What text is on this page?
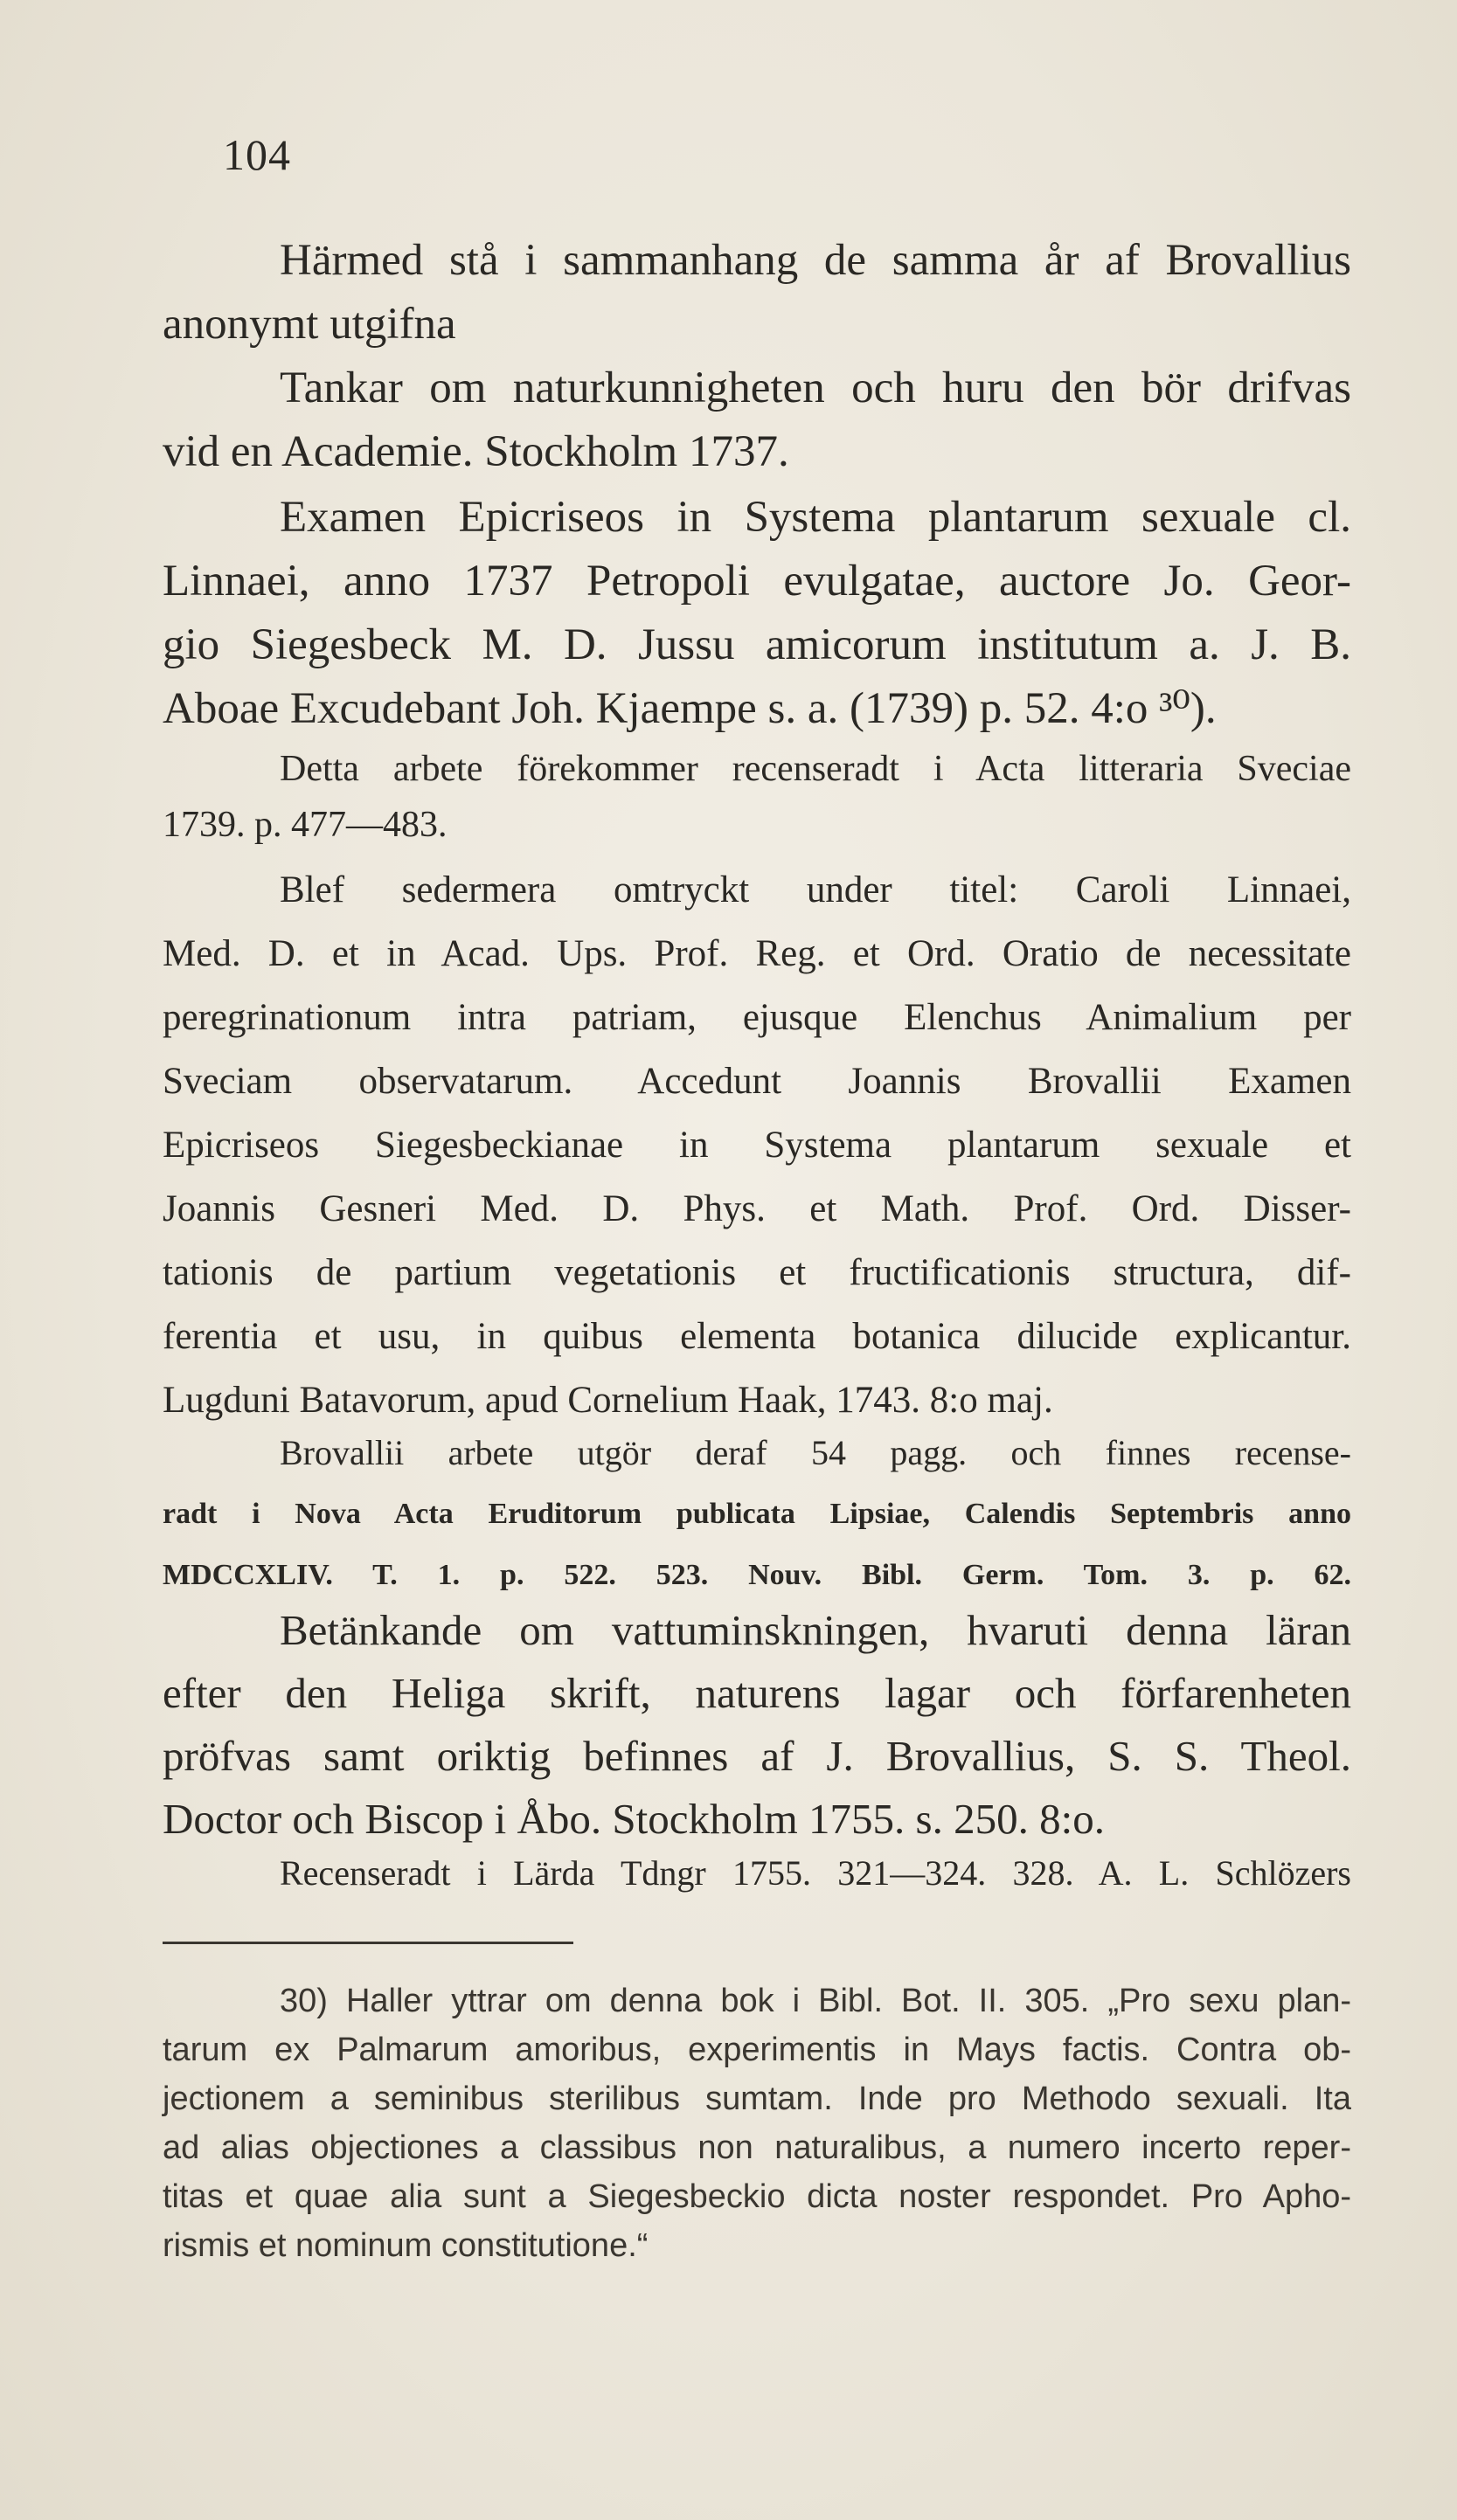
104

Härmed stå i sammanhang de samma år af Brovallius
anonymt utgifna

Tankar om naturkunnigheten och huru den bör drifvas
vid en Academie. Stockholm 1737.

Examen Epicriseos in Systema plantarum sexuale cl.
Linnaei, anno 1737 Petropoli evulgatae, auctore Jo. Geor-
gio Siegesbeck M. D. Jussu amicorum institutum a. J. B.
Aboae Excudebant Joh. Kjaempe s. a. (1739) p. 52. 4:o ³⁰).

Detta arbete förekommer recenseradt i Acta litteraria Sveciae
1739. p. 477—483.

Blef sedermera omtryckt under titel: Caroli Linnaei,
Med. D. et in Acad. Ups. Prof. Reg. et Ord. Oratio de necessitate
peregrinationum intra patriam, ejusque Elenchus Animalium per
Sveciam observatarum. Accedunt Joannis Brovallii Examen
Epicriseos Siegesbeckianae in Systema plantarum sexuale et
Joannis Gesneri Med. D. Phys. et Math. Prof. Ord. Disser-
tationis de partium vegetationis et fructificationis structura, dif-
ferentia et usu, in quibus elementa botanica dilucide explicantur.
Lugduni Batavorum, apud Cornelium Haak, 1743. 8:o maj.

Brovallii arbete utgör deraf 54 pagg. och finnes recense-
radt i Nova Acta Eruditorum publicata Lipsiae, Calendis Septembris anno
MDCCXLIV. T. 1. p. 522. 523. Nouv. Bibl. Germ. Tom. 3. p. 62.

Betänkande om vattuminskningen, hvaruti denna läran
efter den Heliga skrift, naturens lagar och förfarenheten
pröfvas samt oriktig befinnes af J. Brovallius, S. S. Theol.
Doctor och Biscop i Åbo. Stockholm 1755. s. 250. 8:o.

Recenseradt i Lärda Tdngr 1755. 321—324. 328. A. L. Schlözers

30) Haller yttrar om denna bok i Bibl. Bot. II. 305. „Pro sexu plan-
tarum ex Palmarum amoribus, experimentis in Mays factis. Contra ob-
jectionem a seminibus sterilibus sumtam. Inde pro Methodo sexuali. Ita
ad alias objectiones a classibus non naturalibus, a numero incerto reper-
titas et quae alia sunt a Siegesbeckio dicta noster respondet. Pro Apho-
rismis et nominum constitutione.“
